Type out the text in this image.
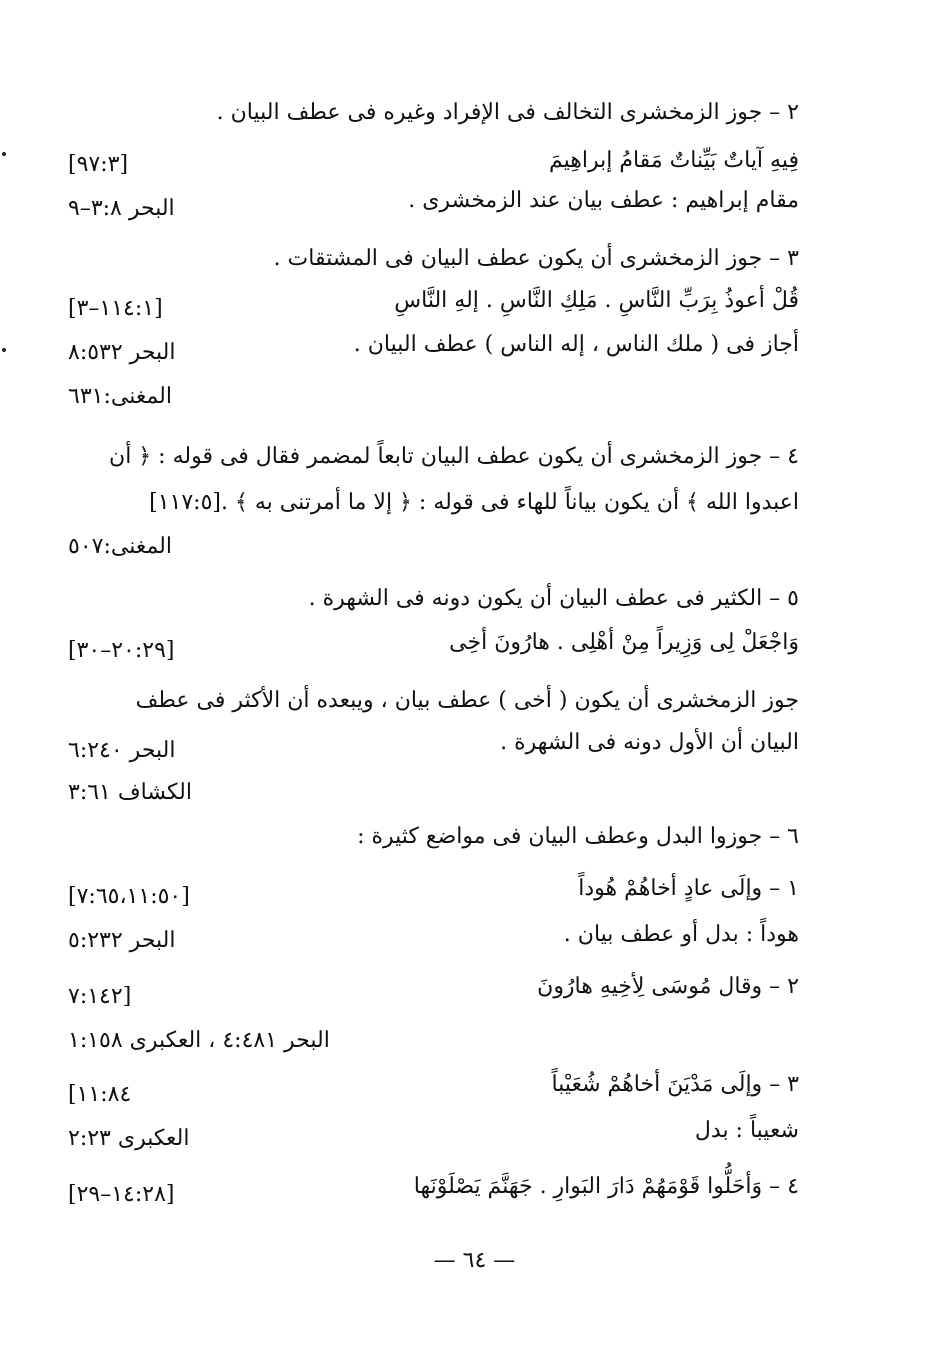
— ٦٤ —
٢ – جوز الزمخشرى التخالف فى الإفراد وغيره فى عطف البيان .
فِيهِ آياتٌ بَيِّناتٌ مَقامُ إبراهِيمَ
[٩٧:٣]
مقام إبراهيم : عطف بيان عند الزمخشرى .
البحر ٣:٨–٩
٣ – جوز الزمخشرى أن يكون عطف البيان فى المشتقات .
قُلْ أعوذُ بِرَبِّ النَّاسِ . مَلِكِ النَّاسِ . إلهِ النَّاسِ
[١١٤:١–٣]
أجاز فى ( ملك الناس ، إله الناس ) عطف البيان .
البحر ٨:٥٣٢
المغنى:٦٣١
٤ – جوز الزمخشرى أن يكون عطف البيان تابعاً لمضمر فقال فى قوله : ﴿ أن
اعبدوا الله ﴾ أن يكون بياناً للهاء فى قوله : ﴿ إلا ما أمرتنى به ﴾ .[١١٧:٥]
المغنى:٥٠٧
٥ – الكثير فى عطف البيان أن يكون دونه فى الشهرة .
وَاجْعَلْ لِى وَزِيراً مِنْ أهْلِى . هارُونَ أخِى
[٢٠:٢٩–٣٠]
جوز الزمخشرى أن يكون ( أخى ) عطف بيان ، ويبعده أن الأكثر فى عطف
البيان أن الأول دونه فى الشهرة .
البحر ٦:٢٤٠
الكشاف ٣:٦١
٦ – جوزوا البدل وعطف البيان فى مواضع كثيرة :
١ – وإلَى عادٍ أخاهُمْ هُوداً
[٧:٦٥،١١:٥٠]
هوداً : بدل أو عطف بيان .
البحر ٥:٢٣٢
٢ – وقال مُوسَى لِأخِيهِ هارُونَ
٧:١٤٢]
البحر ٤:٤٨١ ، العكبرى ١:١٥٨
٣ – وإلَى مَدْيَنَ أخاهُمْ شُعَيْباً
[١١:٨٤
شعيباً : بدل
العكبرى ٢:٢٣
٤ – وَأحَلُّوا قَوْمَهُمْ دَارَ البَوارِ . جَهَنَّمَ يَصْلَوْنَها
[١٤:٢٨–٢٩]
